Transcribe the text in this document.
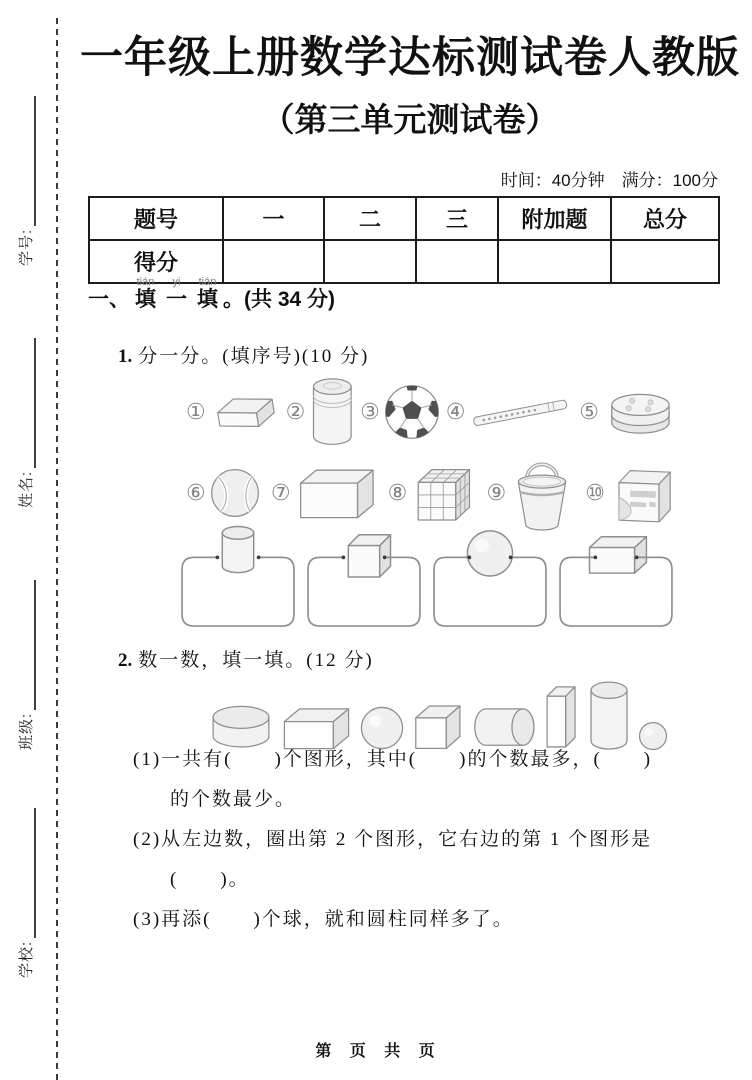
学号:
姓名:
班级:
学校:
一年级上册数学达标测试卷人教版
（第三单元测试卷）
时间：40分钟　满分：100分
题号	一	二	三	附加题	总分
得分					
一、 填tián一yi填tián。(共 34 分)
1. 分一分。(填序号)(10 分)
①	② ③	④	⑤
⑥	⑦	⑧	⑨	⑩
2. 数一数，填一填。(12 分)
(1)一共有(　　)个图形，其中(　　)的个数最多，(　　)
的个数最少。
(2)从左边数，圈出第 2 个图形，它右边的第 1 个图形是
(　　)。
(3)再添(　　)个球，就和圆柱同样多了。
第 页 共 页
